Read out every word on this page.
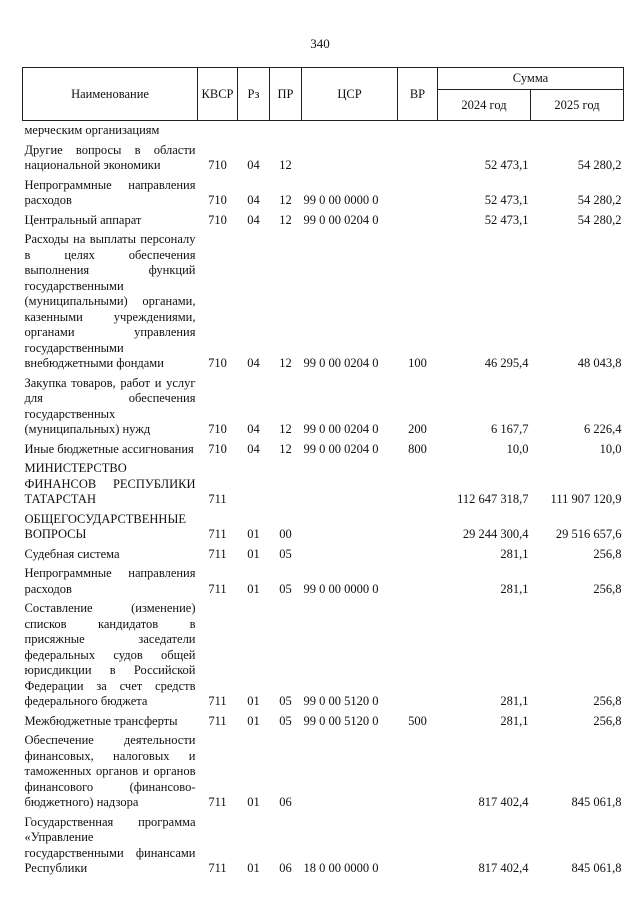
340
Наименование	КВСР	Рз	ПР	ЦСР	ВР	Сумма	
						2024 год	2025 год
мерческим организациям							
Другие вопросы в области национальной экономики	710	04	12			52 473,1	54 280,2
Непрограммные направления расходов	710	04	12	99 0 00 0000 0		52 473,1	54 280,2
Центральный аппарат	710	04	12	99 0 00 0204 0		52 473,1	54 280,2
Расходы на выплаты персоналу в целях обеспечения выполнения функций государственными (муниципальными) органами, казенными учреждениями, органами управления государственными внебюджетными фондами	710	04	12	99 0 00 0204 0	100	46 295,4	48 043,8
Закупка товаров, работ и услуг для обеспечения государственных (муниципальных) нужд	710	04	12	99 0 00 0204 0	200	6 167,7	6 226,4
Иные бюджетные ассигнования	710	04	12	99 0 00 0204 0	800	10,0	10,0
МИНИСТЕРСТВО ФИНАНСОВ РЕСПУБЛИКИ ТАТАРСТАН	711					112 647 318,7	111 907 120,9
ОБЩЕГОСУДАРСТВЕННЫЕ ВОПРОСЫ	711	01	00			29 244 300,4	29 516 657,6
Судебная система	711	01	05			281,1	256,8
Непрограммные направления расходов	711	01	05	99 0 00 0000 0		281,1	256,8
Составление (изменение) списков кандидатов в присяжные заседатели федеральных судов общей юрисдикции в Российской Федерации за счет средств федерального бюджета	711	01	05	99 0 00 5120 0		281,1	256,8
Межбюджетные трансферты	711	01	05	99 0 00 5120 0	500	281,1	256,8
Обеспечение деятельности финансовых, налоговых и таможенных органов и органов финансового (финансово-бюджетного) надзора	711	01	06			817 402,4	845 061,8
Государственная программа «Управление государственными финансами Республики	711	01	06	18 0 00 0000 0		817 402,4	845 061,8
